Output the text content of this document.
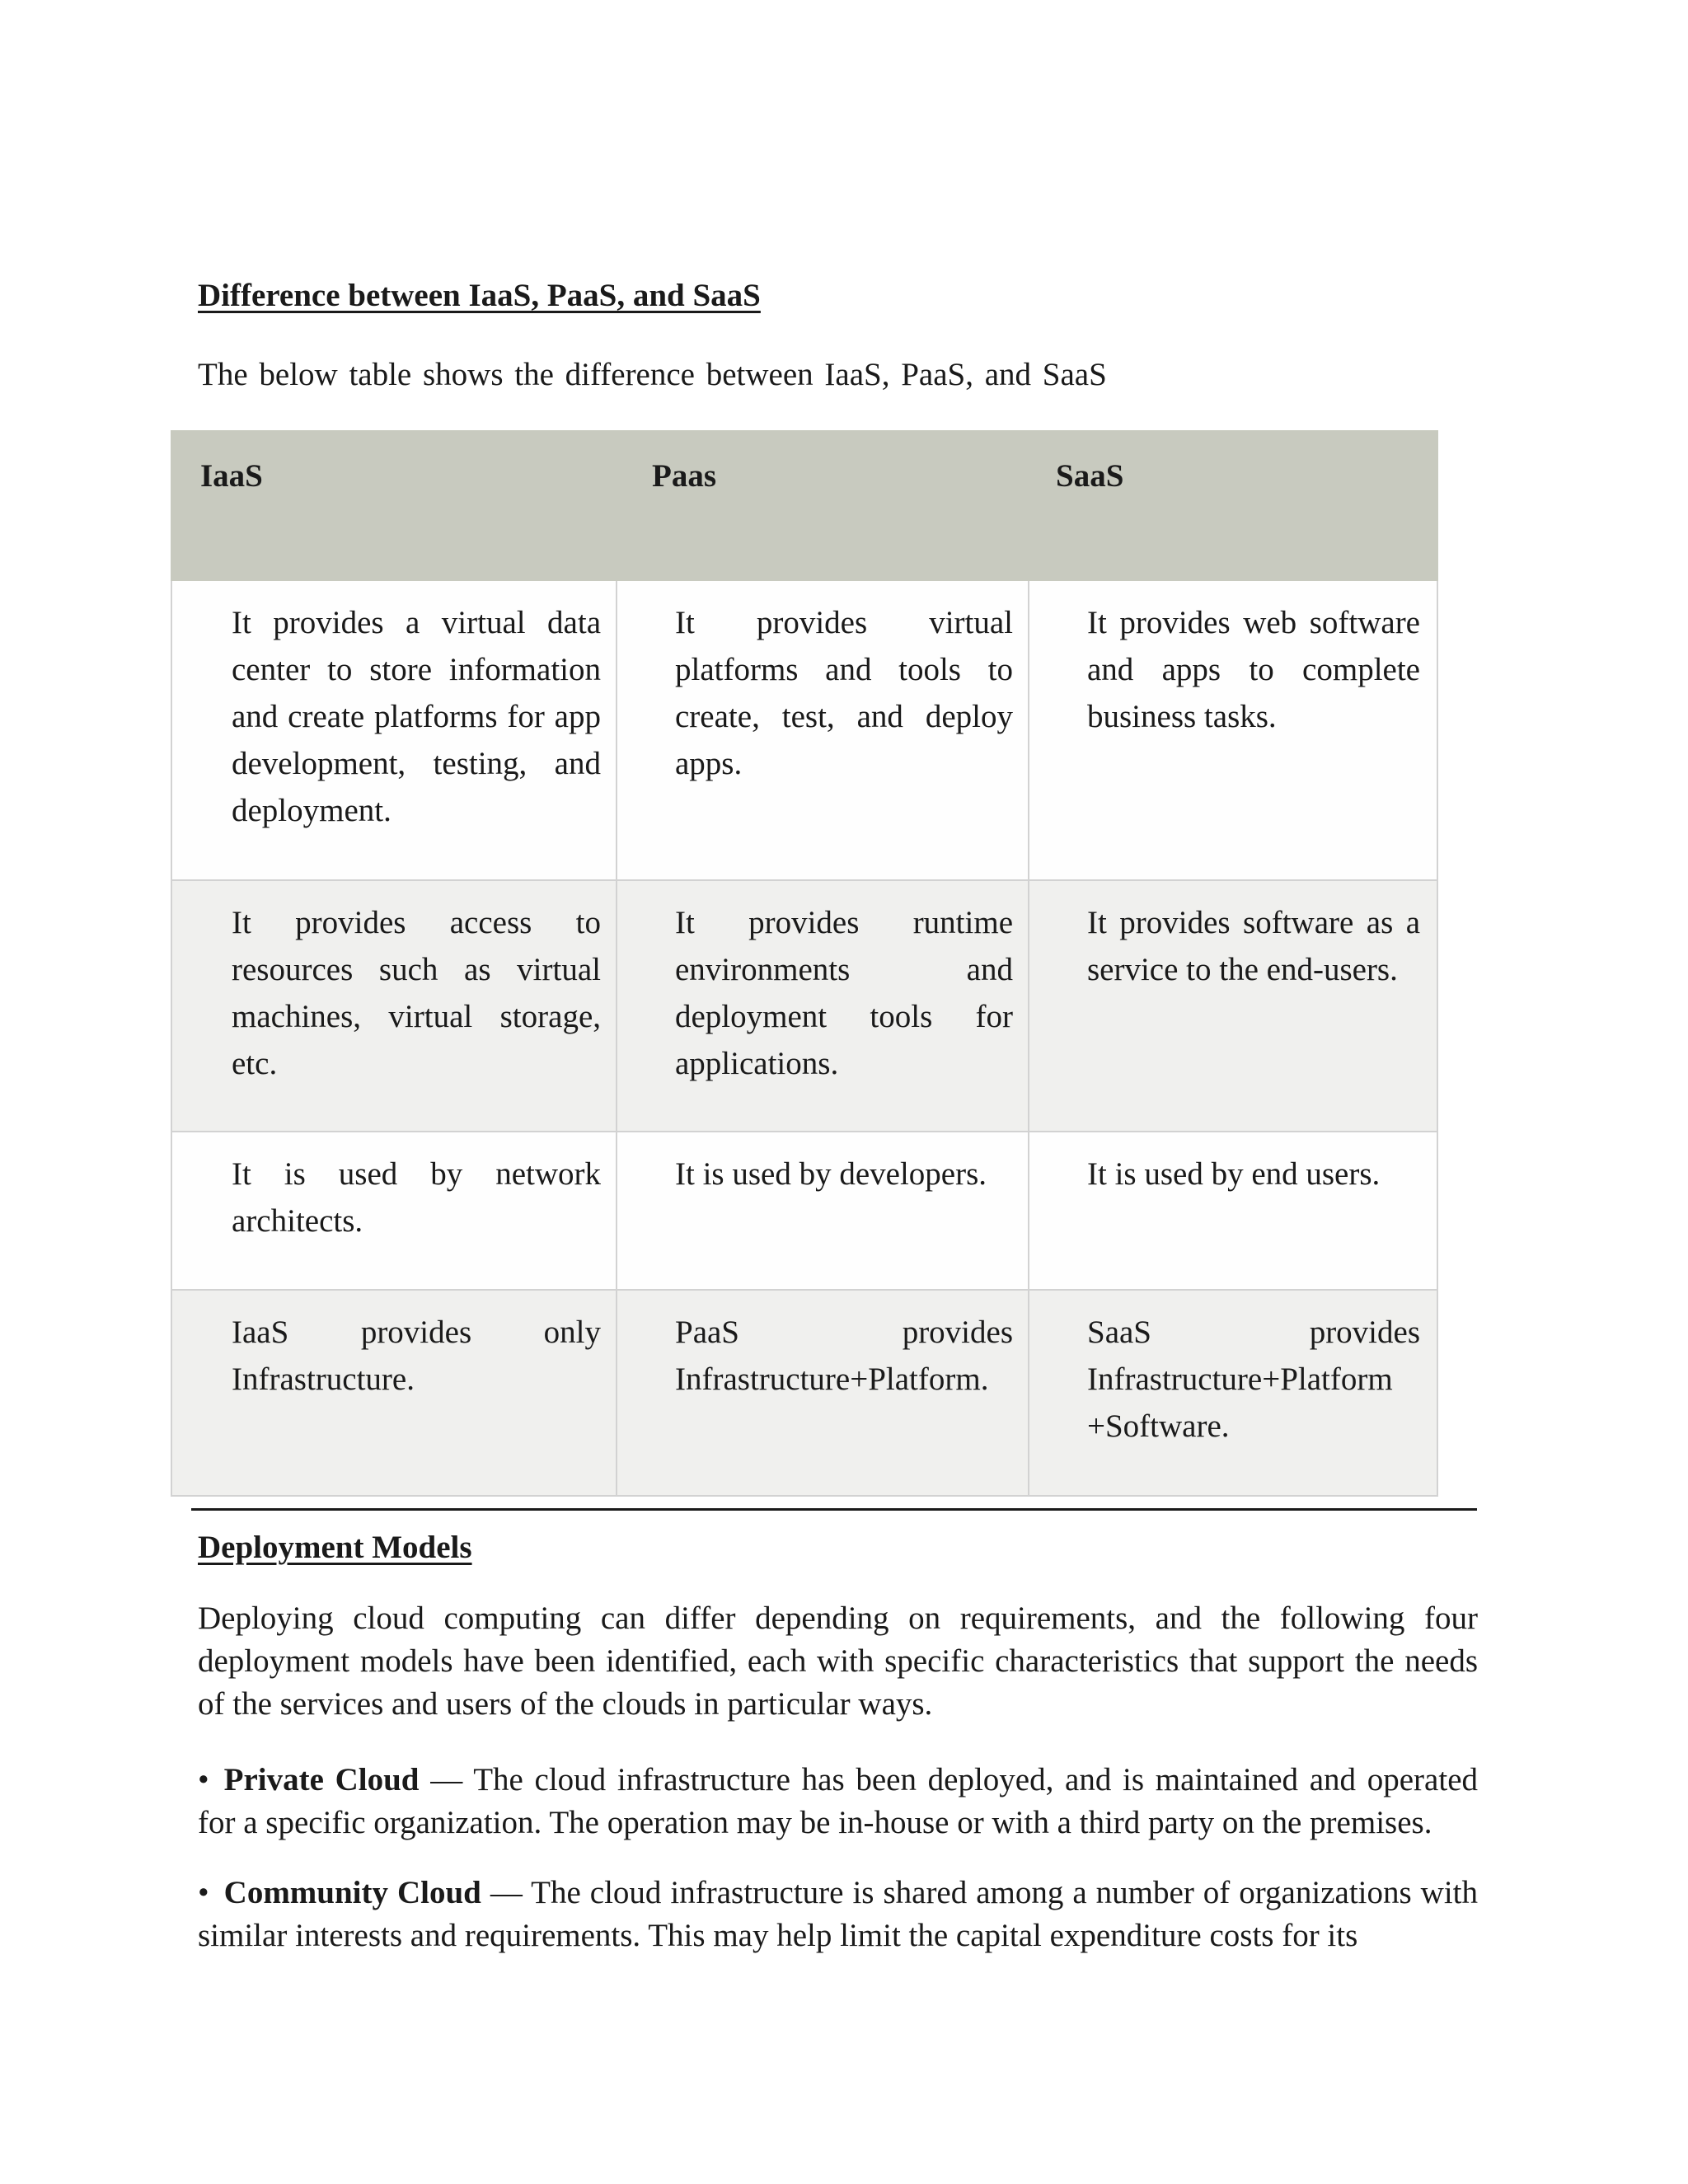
Difference between IaaS, PaaS, and SaaS
The below table shows the difference between IaaS, PaaS, and SaaS
IaaS	Paas	SaaS
It provides a virtual data center to store information and create platforms for app development, testing, and deployment.	It provides virtual platforms and tools to create, test, and deploy apps.	It provides web software and apps to complete business tasks.
It provides access to resources such as virtual machines, virtual storage, etc.	It provides runtime environments and deployment tools for applications.	It provides software as a service to the end-users.
It is used by network architects.	It is used by developers.	It is used by end users.
IaaS provides only Infrastructure.	PaaS provides Infrastructure+Platform.	SaaS provides Infrastructure+Platform +Software.
Deployment Models
Deploying cloud computing can differ depending on requirements, and the following four deployment models have been identified, each with specific characteristics that support the needs of the services and users of the clouds in particular ways.
• Private Cloud — The cloud infrastructure has been deployed, and is maintained and operated for a specific organization. The operation may be in-house or with a third party on the premises.
• Community Cloud — The cloud infrastructure is shared among a number of organizations with similar interests and requirements. This may help limit the capital expenditure costs for its
